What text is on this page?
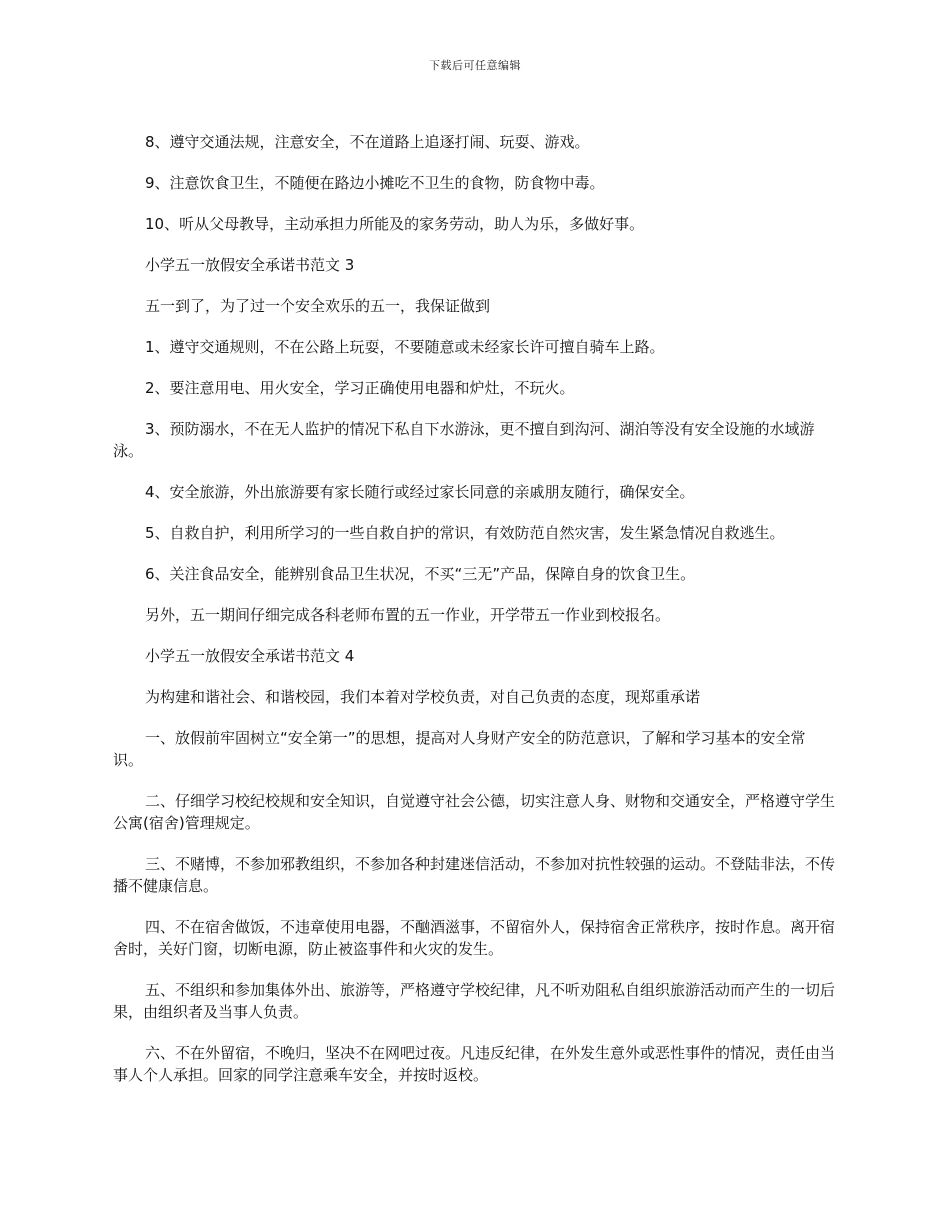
下载后可任意编辑

8、遵守交通法规，注意安全，不在道路上追逐打闹、玩耍、游戏。

9、注意饮食卫生，不随便在路边小摊吃不卫生的食物，防食物中毒。

10、听从父母教导，主动承担力所能及的家务劳动，助人为乐，多做好事。

小学五一放假安全承诺书范文 3

五一到了，为了过一个安全欢乐的五一，我保证做到

1、遵守交通规则，不在公路上玩耍，不要随意或未经家长许可擅自骑车上路。

2、要注意用电、用火安全，学习正确使用电器和炉灶，不玩火。

3、预防溺水，不在无人监护的情况下私自下水游泳，更不擅自到沟河、湖泊等没有安全设施的水域游泳。

4、安全旅游，外出旅游要有家长随行或经过家长同意的亲戚朋友随行，确保安全。

5、自救自护，利用所学习的一些自救自护的常识，有效防范自然灾害，发生紧急情况自救逃生。

6、关注食品安全，能辨别食品卫生状况，不买“三无”产品，保障自身的饮食卫生。

另外，五一期间仔细完成各科老师布置的五一作业，开学带五一作业到校报名。

小学五一放假安全承诺书范文 4

为构建和谐社会、和谐校园，我们本着对学校负责，对自己负责的态度，现郑重承诺

一、放假前牢固树立“安全第一”的思想，提高对人身财产安全的防范意识，了解和学习基本的安全常识。

二、仔细学习校纪校规和安全知识，自觉遵守社会公德，切实注意人身、财物和交通安全，严格遵守学生公寓(宿舍)管理规定。

三、不赌博，不参加邪教组织，不参加各种封建迷信活动，不参加对抗性较强的运动。不登陆非法，不传播不健康信息。

四、不在宿舍做饭，不违章使用电器，不酗酒滋事，不留宿外人，保持宿舍正常秩序，按时作息。离开宿舍时，关好门窗，切断电源，防止被盗事件和火灾的发生。

五、不组织和参加集体外出、旅游等，严格遵守学校纪律，凡不听劝阻私自组织旅游活动而产生的一切后果，由组织者及当事人负责。

六、不在外留宿，不晚归，坚决不在网吧过夜。凡违反纪律，在外发生意外或恶性事件的情况，责任由当事人个人承担。回家的同学注意乘车安全，并按时返校。
